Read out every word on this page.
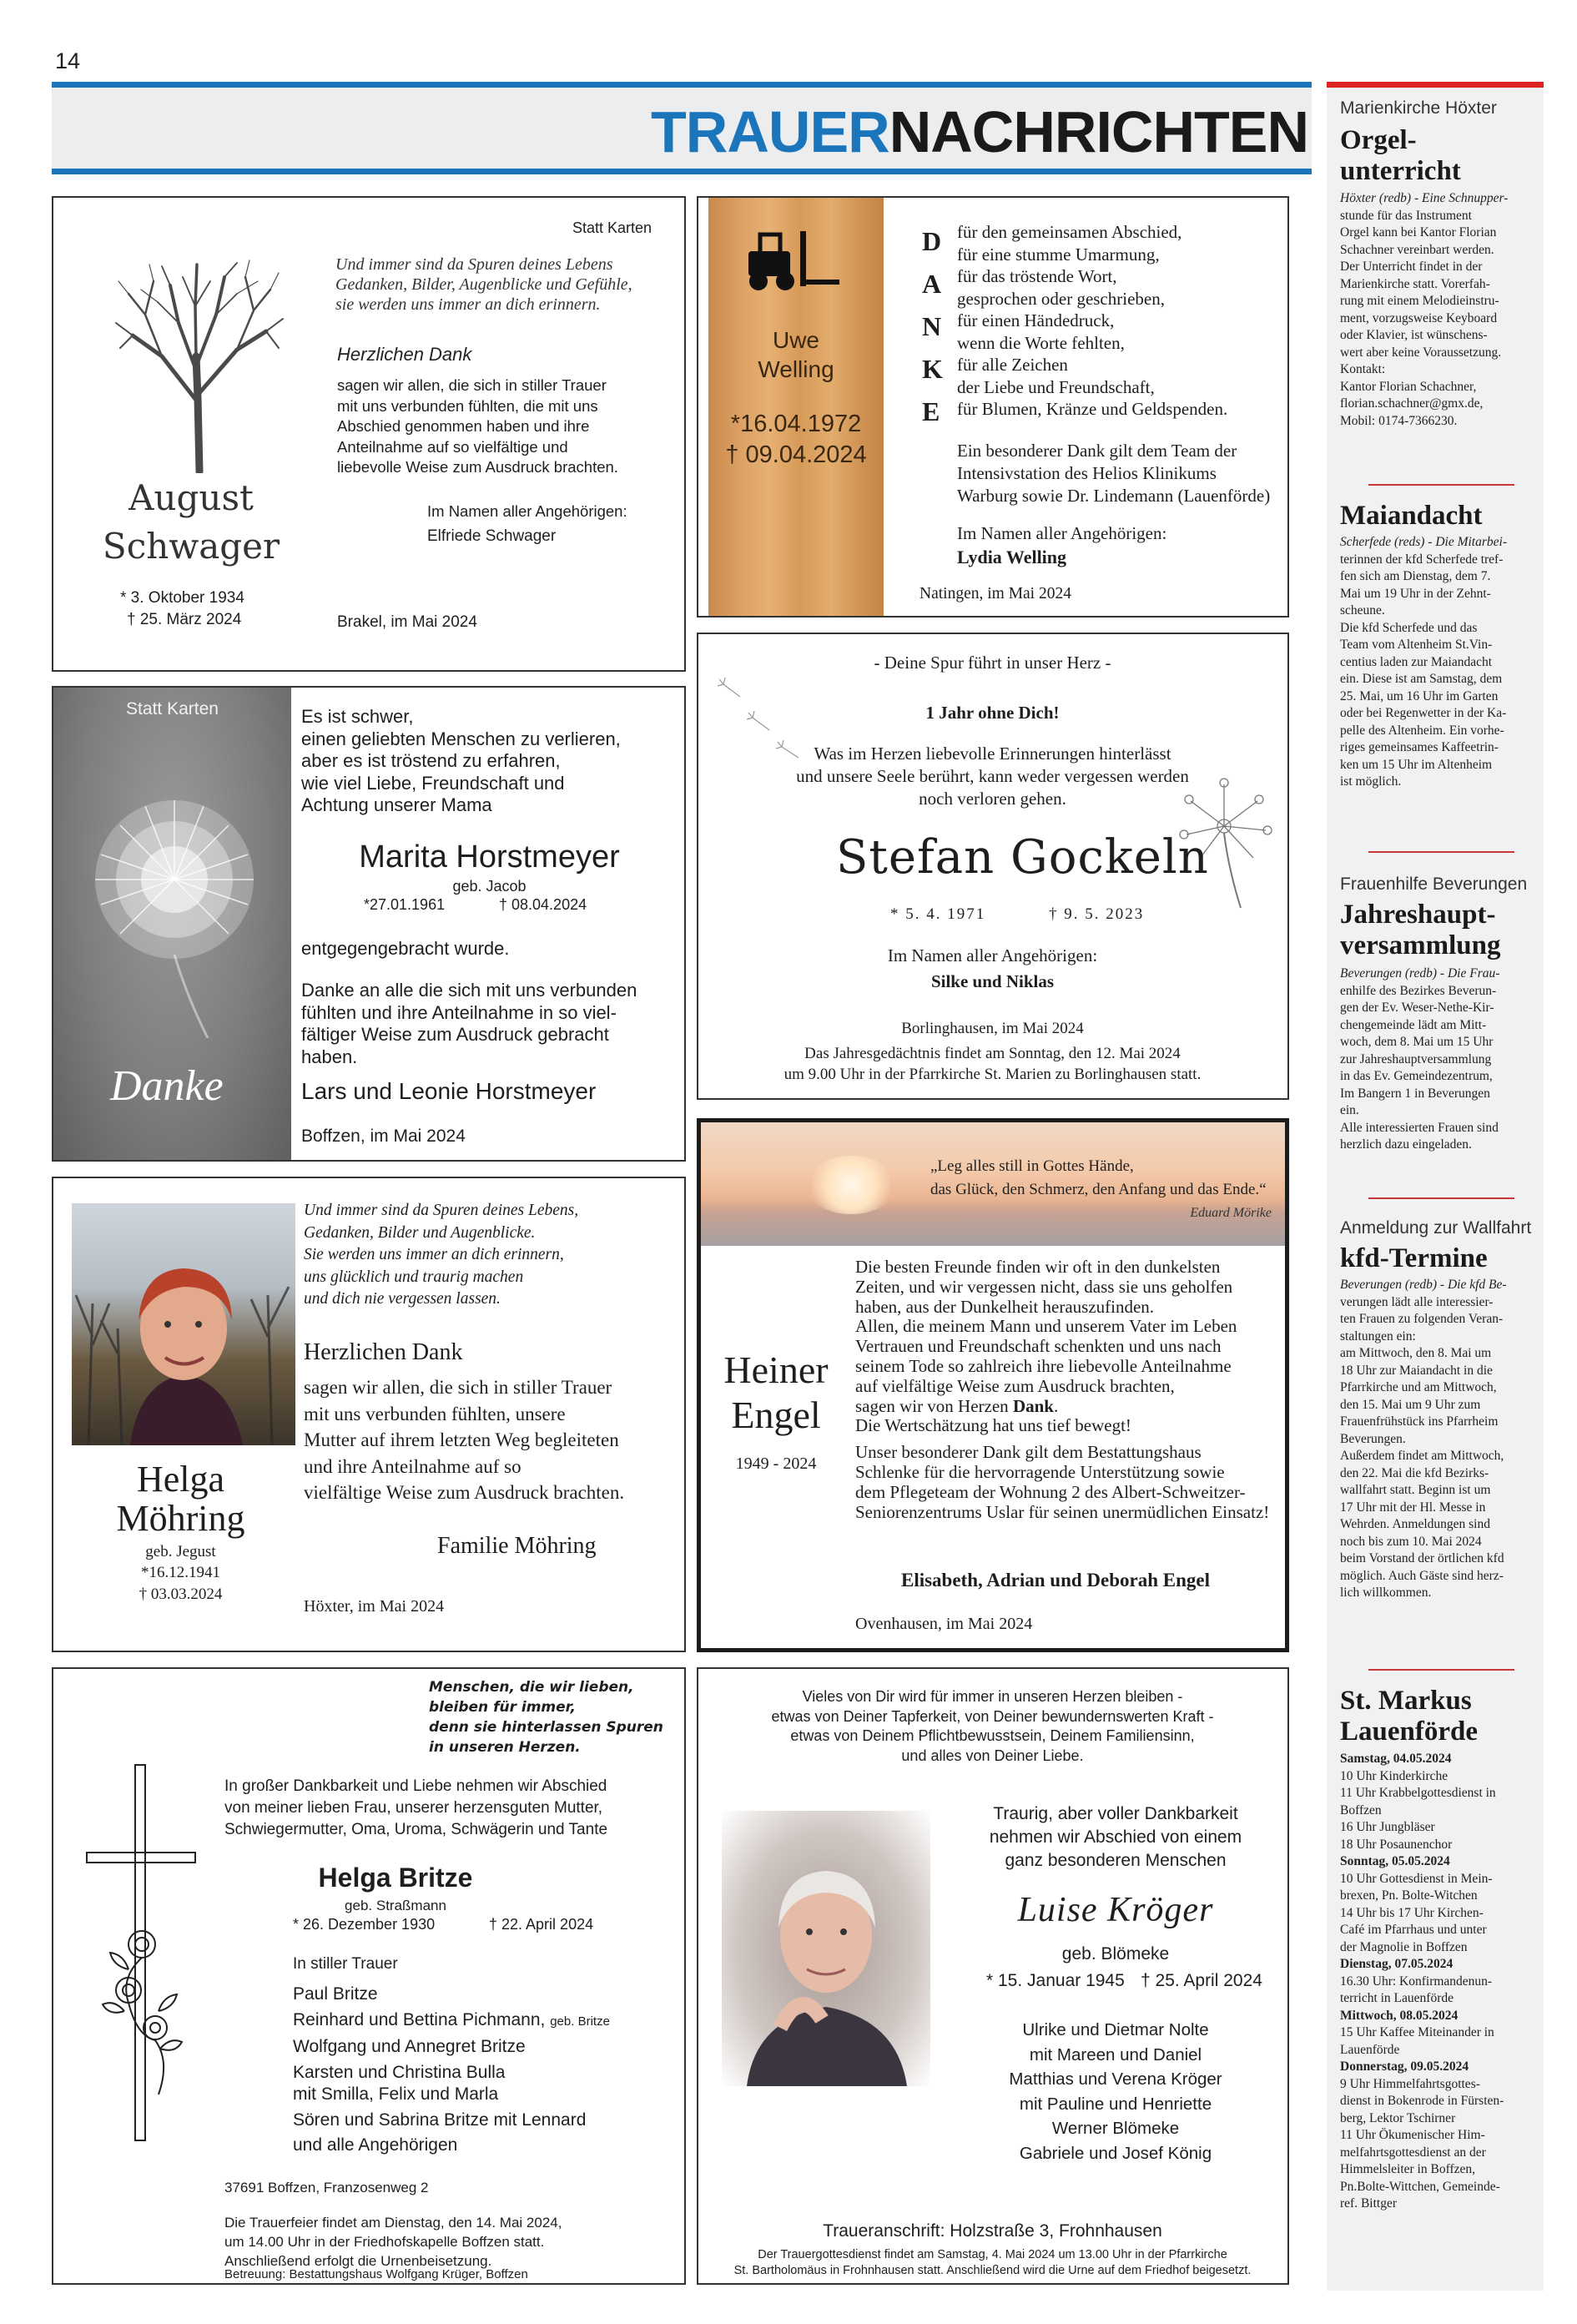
14
TRAUERNACHRICHTEN
Statt Karten
August
Schwager
* 3. Oktober 1934
† 25. März 2024

Und immer sind da Spuren deines Lebens

Gedanken, Bilder, Augenblicke und Gefühle,

sie werden uns immer an dich erinnern.

Herzlichen Dank

sagen wir allen, die sich in stiller Trauer

mit uns verbunden fühlten, die mit uns

Abschied genommen haben und ihre

Anteilnahme auf so vielfältige und

liebevolle Weise zum Ausdruck brachten.

Im Namen aller Angehörigen:
Elfriede Schwager
Brakel, im Mai 2024
Uwe
Welling
*16.04.1972
† 09.04.2024

D

A

N

K

E

für den gemeinsamen Abschied,

für eine stumme Umarmung,

für das tröstende Wort,

gesprochen oder geschrieben,

für einen Händedruck,

wenn die Worte fehlten,

für alle Zeichen

der Liebe und Freundschaft,

für Blumen, Kränze und Geldspenden.

Ein besonderer Dank gilt dem Team der

Intensivstation des Helios Klinikums

Warburg sowie Dr. Lindemann (Lauenförde)

Im Namen aller Angehörigen:
Lydia Welling
Natingen, im Mai 2024
Statt Karten
Danke

Es ist schwer,

einen geliebten Menschen zu verlieren,

aber es ist tröstend zu erfahren,

wie viel Liebe, Freundschaft und

Achtung unserer Mama

Marita Horstmeyer
geb. Jacob
*27.01.1961	† 08.04.2024
entgegengebracht wurde.

Danke an alle die sich mit uns verbunden

fühlten und ihre Anteilnahme in so viel-

fältiger Weise zum Ausdruck gebracht

haben.

Lars und Leonie Horstmeyer
Boffzen, im Mai 2024
- Deine Spur führt in unser Herz -
1 Jahr ohne Dich!

Was im Herzen liebevolle Erinnerungen hinterlässt

und unsere Seele berührt, kann weder vergessen werden

noch verloren gehen.

Stefan Gockeln
* 5. 4. 1971	† 9. 5. 2023
Im Namen aller Angehörigen:
Silke und Niklas
Borlinghausen, im Mai 2024

Das Jahresgedächtnis findet am Sonntag, den 12. Mai 2024

um 9.00 Uhr in der Pfarrkirche St. Marien zu Borlinghausen statt.

Helga
Möhring
geb. Jegust
*16.12.1941
† 03.03.2024

Und immer sind da Spuren deines Lebens,

Gedanken, Bilder und Augenblicke.

Sie werden uns immer an dich erinnern,

uns glücklich und traurig machen

und dich nie vergessen lassen.

Herzlichen Dank

sagen wir allen, die sich in stiller Trauer

mit uns verbunden fühlten, unsere

Mutter auf ihrem letzten Weg begleiteten

und ihre Anteilnahme auf so

vielfältige Weise zum Ausdruck brachten.

Familie Möhring
Höxter, im Mai 2024
„Leg alles still in Gottes Hände,
das Glück, den Schmerz, den Anfang und das Ende.“
Eduard Mörike
Heiner
Engel
1949 - 2024

Die besten Freunde finden wir oft in den dunkelsten

Zeiten, und wir vergessen nicht, dass sie uns geholfen

haben, aus der Dunkelheit herauszufinden.

Allen, die meinem Mann und unserem Vater im Leben

Vertrauen und Freundschaft schenkten und uns nach

seinem Tode so zahlreich ihre liebevolle Anteilnahme

auf vielfältige Weise zum Ausdruck brachten,

sagen wir von Herzen Dank.

Die Wertschätzung hat uns tief bewegt!

Unser besonderer Dank gilt dem Bestattungshaus

Schlenke für die hervorragende Unterstützung sowie

dem Pflegeteam der Wohnung 2 des Albert-Schweitzer-

Seniorenzentrums Uslar für seinen unermüdlichen Einsatz!

Elisabeth, Adrian und Deborah Engel
Ovenhausen, im Mai 2024

Menschen, die wir lieben,

bleiben für immer,

denn sie hinterlassen Spuren

in unseren Herzen.

In großer Dankbarkeit und Liebe nehmen wir Abschied

von meiner lieben Frau, unserer herzensguten Mutter,

Schwiegermutter, Oma, Uroma, Schwägerin und Tante

Helga Britze
geb. Straßmann
* 26. Dezember 1930	† 22. April 2024
In stiller Trauer

Paul Britze

Reinhard und Bettina Pichmann, geb. Britze

Wolfgang und Annegret Britze

Karsten und Christina Bulla

mit Smilla, Felix und Marla

Sören und Sabrina Britze mit Lennard

und alle Angehörigen

37691 Boffzen, Franzosenweg 2

Die Trauerfeier findet am Dienstag, den 14. Mai 2024,

um 14.00 Uhr in der Friedhofskapelle Boffzen statt.

Anschließend erfolgt die Urnenbeisetzung.

Betreuung: Bestattungshaus Wolfgang Krüger, Boffzen

Vieles von Dir wird für immer in unseren Herzen bleiben -

etwas von Deiner Tapferkeit, von Deiner bewundernswerten Kraft -

etwas von Deinem Pflichtbewusstsein, Deinem Familiensinn,

und alles von Deiner Liebe.

Traurig, aber voller Dankbarkeit

nehmen wir Abschied von einem

ganz besonderen Menschen

Luise Kröger
geb. Blömeke
* 15. Januar 1945 † 25. April 2024

Ulrike und Dietmar Nolte

mit Mareen und Daniel

Matthias und Verena Kröger

mit Pauline und Henriette

Werner Blömeke

Gabriele und Josef König

Traueranschrift: Holzstraße 3, Frohnhausen

Der Trauergottesdienst findet am Samstag, 4. Mai 2024 um 13.00 Uhr in der Pfarrkirche

St. Bartholomäus in Frohnhausen statt. Anschließend wird die Urne auf dem Friedhof beigesetzt.

Marienkirche Höxter
Orgel-
unterricht

Höxter (redb) - Eine Schnupper-

stunde für das Instrument

Orgel kann bei Kantor Florian

Schachner vereinbart werden.

Der Unterricht findet in der

Marienkirche statt. Vorerfah-

rung mit einem Melodieinstru-

ment, vorzugsweise Keyboard

oder Klavier, ist wünschens-

wert aber keine Voraussetzung.

Kontakt:

Kantor Florian Schachner,

florian.schachner@gmx.de,

Mobil: 0174-7366230.

Maiandacht

Scherfede (reds) - Die Mitarbei-

terinnen der kfd Scherfede tref-

fen sich am Dienstag, dem 7.

Mai um 19 Uhr in der Zehnt-

scheune.

Die kfd Scherfede und das

Team vom Altenheim St.Vin-

centius laden zur Maiandacht

ein. Diese ist am Samstag, dem

25. Mai, um 16 Uhr im Garten

oder bei Regenwetter in der Ka-

pelle des Altenheim. Ein vorhe-

riges gemeinsames Kaffeetrin-

ken um 15 Uhr im Altenheim

ist möglich.

Frauenhilfe Beverungen
Jahreshaupt-
versammlung

Beverungen (redb) - Die Frau-

enhilfe des Bezirkes Beverun-

gen der Ev. Weser-Nethe-Kir-

chengemeinde lädt am Mitt-

woch, dem 8. Mai um 15 Uhr

zur Jahreshauptversammlung

in das Ev. Gemeindezentrum,

Im Bangern 1 in Beverungen

ein.

Alle interessierten Frauen sind

herzlich dazu eingeladen.

Anmeldung zur Wallfahrt
kfd-Termine

Beverungen (redb) - Die kfd Be-

verungen lädt alle interessier-

ten Frauen zu folgenden Veran-

staltungen ein:

am Mittwoch, den 8. Mai um

18 Uhr zur Maiandacht in die

Pfarrkirche und am Mittwoch,

den 15. Mai um 9 Uhr zum

Frauenfrühstück ins Pfarrheim

Beverungen.

Außerdem findet am Mittwoch,

den 22. Mai die kfd Bezirks-

wallfahrt statt. Beginn ist um

17 Uhr mit der Hl. Messe in

Wehrden. Anmeldungen sind

noch bis zum 10. Mai 2024

beim Vorstand der örtlichen kfd

möglich. Auch Gäste sind herz-

lich willkommen.

St. Markus
Lauenförde

Samstag, 04.05.2024

10 Uhr Kinderkirche

11 Uhr Krabbelgottesdienst in

Boffzen

16 Uhr Jungbläser

18 Uhr Posaunenchor

Sonntag, 05.05.2024

10 Uhr Gottesdienst in Mein-

brexen, Pn. Bolte-Witchen

14 Uhr bis 17 Uhr Kirchen-

Café im Pfarrhaus und unter

der Magnolie in Boffzen

Dienstag, 07.05.2024

16.30 Uhr: Konfirmandenun-

terricht in Lauenförde

Mittwoch, 08.05.2024

15 Uhr Kaffee Miteinander in

Lauenförde

Donnerstag, 09.05.2024

9 Uhr Himmelfahrtsgottes-

dienst in Bokenrode in Fürsten-

berg, Lektor Tschirner

11 Uhr Ökumenischer Him-

melfahrtsgottesdienst an der

Himmelsleiter in Boffzen,

Pn.Bolte-Wittchen, Gemeinde-

ref. Bittger
